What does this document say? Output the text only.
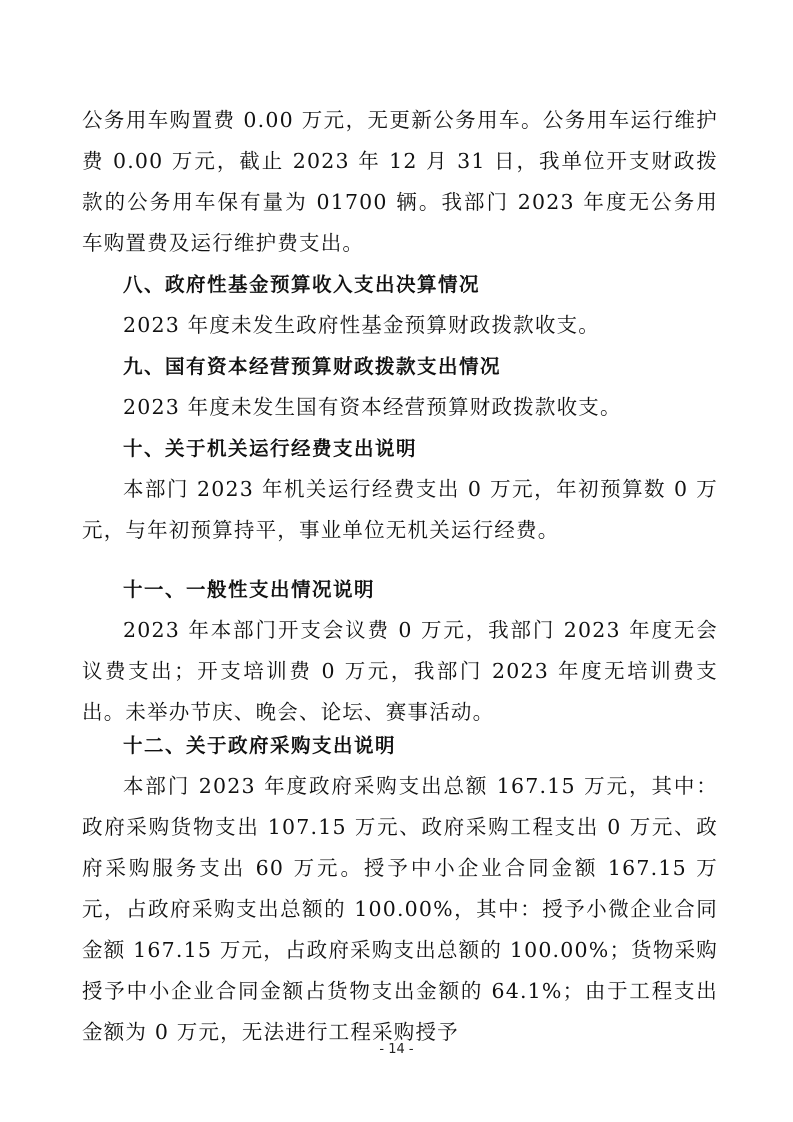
公务用车购置费 0.00 万元，无更新公务用车。公务用车运行维护费 0.00 万元，截止 2023 年 12 月 31 日，我单位开支财政拨款的公务用车保有量为 01700 辆。我部门 2023 年度无公务用车购置费及运行维护费支出。

八、政府性基金预算收入支出决算情况

2023 年度未发生政府性基金预算财政拨款收支。

九、国有资本经营预算财政拨款支出情况

2023 年度未发生国有资本经营预算财政拨款收支。

十、关于机关运行经费支出说明

本部门 2023 年机关运行经费支出 0 万元，年初预算数 0 万元，与年初预算持平，事业单位无机关运行经费。

十一、一般性支出情况说明

2023 年本部门开支会议费 0 万元，我部门 2023 年度无会议费支出；开支培训费 0 万元，我部门 2023 年度无培训费支出。未举办节庆、晚会、论坛、赛事活动。

十二、关于政府采购支出说明

本部门 2023 年度政府采购支出总额 167.15 万元，其中：政府采购货物支出 107.15 万元、政府采购工程支出 0 万元、政府采购服务支出 60 万元。授予中小企业合同金额 167.15 万元，占政府采购支出总额的 100.00%，其中：授予小微企业合同金额 167.15 万元，占政府采购支出总额的 100.00%；货物采购授予中小企业合同金额占货物支出金额的 64.1%；由于工程支出金额为 0 万元，无法进行工程采购授予

- 14 -
